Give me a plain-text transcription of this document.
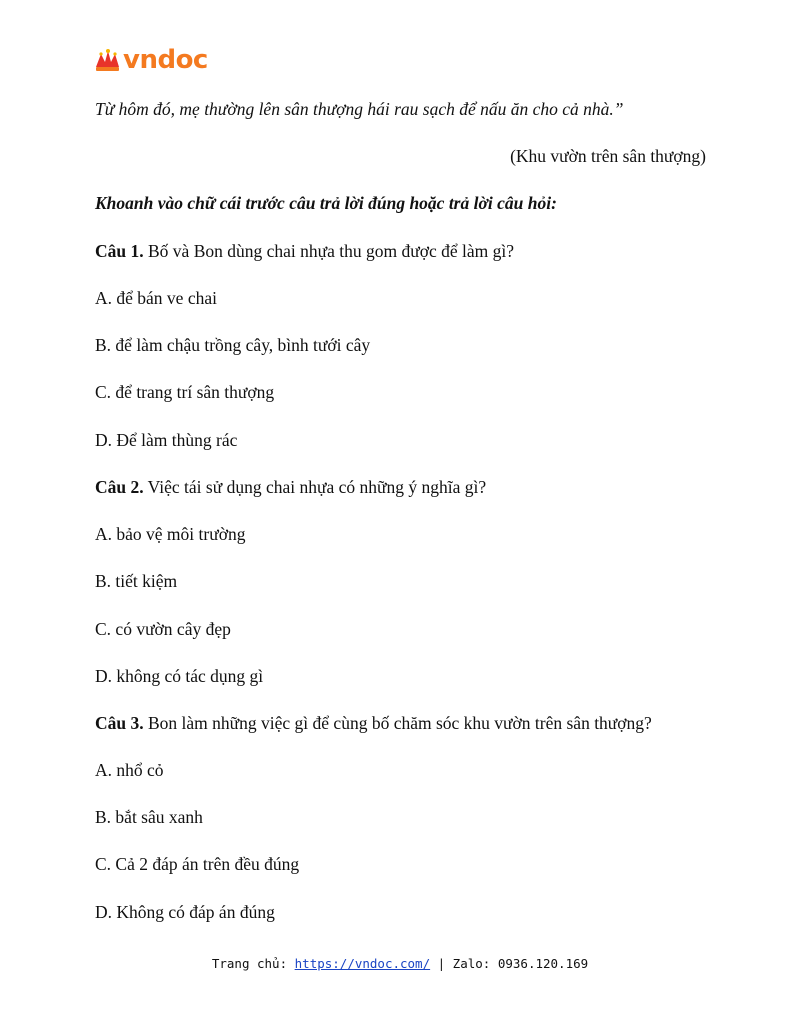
vndoc
Từ hôm đó, mẹ thường lên sân thượng hái rau sạch để nấu ăn cho cả nhà.”
(Khu vườn trên sân thượng)
Khoanh vào chữ cái trước câu trả lời đúng hoặc trả lời câu hỏi:
Câu 1. Bố và Bon dùng chai nhựa thu gom được để làm gì?
A. để bán ve chai
B. để làm chậu trồng cây, bình tưới cây
C. để trang trí sân thượng
D. Để làm thùng rác
Câu 2. Việc tái sử dụng chai nhựa có những ý nghĩa gì?
A. bảo vệ môi trường
B. tiết kiệm
C. có vườn cây đẹp
D. không có tác dụng gì
Câu 3. Bon làm những việc gì để cùng bố chăm sóc khu vườn trên sân thượng?
A. nhổ cỏ
B. bắt sâu xanh
C. Cả 2 đáp án trên đều đúng
D. Không có đáp án đúng
Trang chủ: https://vndoc.com/ | Zalo: 0936.120.169
